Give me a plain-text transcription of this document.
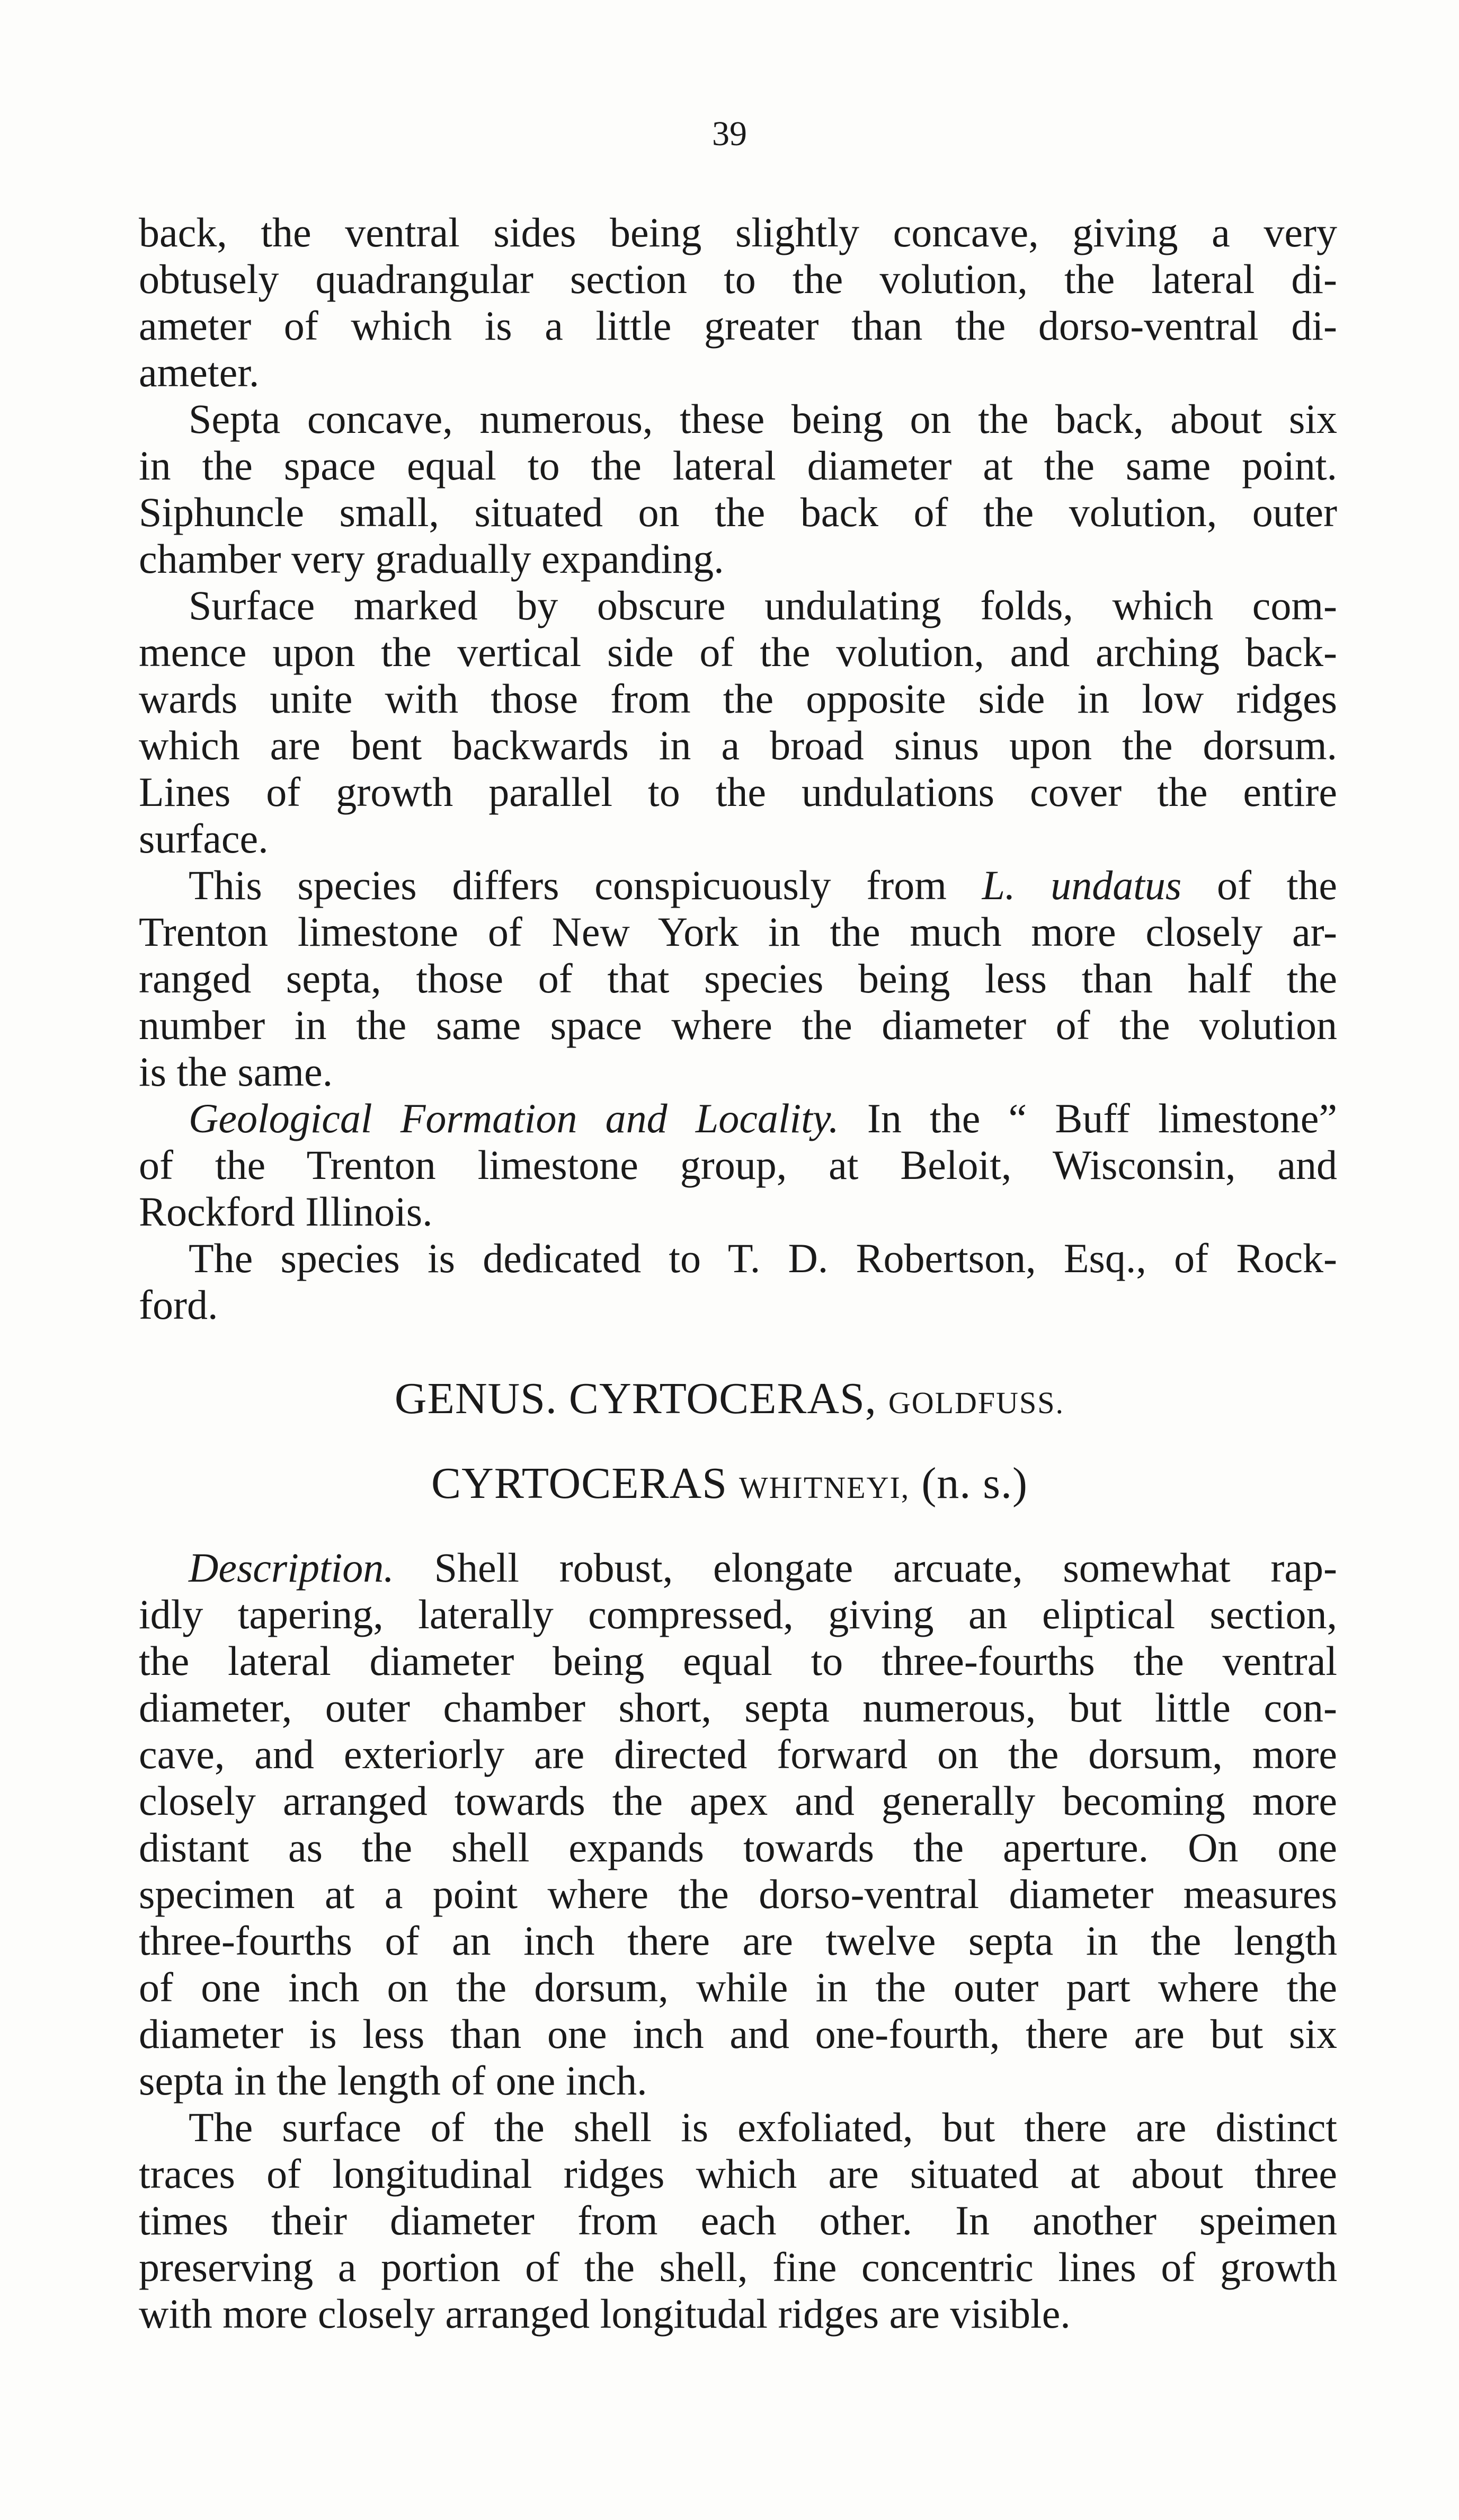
39
back, the ventral sides being slightly concave, giving a very
obtusely quadrangular section to the volution, the lateral di-
ameter of which is a little greater than the dorso-ventral di-
ameter.
Septa concave, numerous, these being on the back, about six
in the space equal to the lateral diameter at the same point.
Siphuncle small, situated on the back of the volution, outer
chamber very gradually expanding.
Surface marked by obscure undulating folds, which com-
mence upon the vertical side of the volution, and arching back-
wards unite with those from the opposite side in low ridges
which are bent backwards in a broad sinus upon the dorsum.
Lines of growth parallel to the undulations cover the entire
surface.
This species differs conspicuously from L. undatus of the
Trenton limestone of New York in the much more closely ar-
ranged septa, those of that species being less than half the
number in the same space where the diameter of the volution
is the same.
Geological Formation and Locality. In the “ Buff limestone”
of the Trenton limestone group, at Beloit, Wisconsin, and
Rockford Illinois.
The species is dedicated to T. D. Robertson, Esq., of Rock-
ford.
GENUS. CYRTOCERAS, GOLDFUSS.
CYRTOCERAS WHITNEYI, (n. s.)
Description. Shell robust, elongate arcuate, somewhat rap-
idly tapering, laterally compressed, giving an eliptical section,
the lateral diameter being equal to three-fourths the ventral
diameter, outer chamber short, septa numerous, but little con-
cave, and exteriorly are directed forward on the dorsum, more
closely arranged towards the apex and generally becoming more
distant as the shell expands towards the aperture. On one
specimen at a point where the dorso-ventral diameter measures
three-fourths of an inch there are twelve septa in the length
of one inch on the dorsum, while in the outer part where the
diameter is less than one inch and one-fourth, there are but six
septa in the length of one inch.
The surface of the shell is exfoliated, but there are distinct
traces of longitudinal ridges which are situated at about three
times their diameter from each other. In another speimen
preserving a portion of the shell, fine concentric lines of growth
with more closely arranged longitudal ridges are visible.
